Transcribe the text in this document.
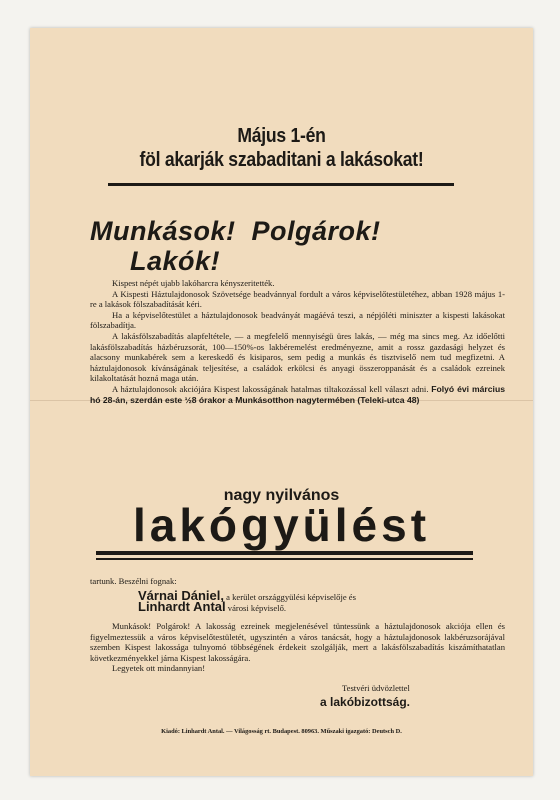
Május 1-én
föl akarják szabaditani a lakásokat!
Munkások!  Polgárok!
Lakók!

Kispest népét ujabb lakóharcra kényszeritették.

A Kispesti Háztulajdonosok Szövetsége beadvánnyal fordult a város képviselőtestületéhez, abban 1928 május 1-re a lakások fölszabadítását kéri.

Ha a képviselőtestület a háztulajdonosok beadványát magáévá teszi, a népjóléti miniszter a kispesti lakásokat fölszabadítja.

A lakásfölszabadítás alapfeltétele, — a megfelelő mennyiségü üres lakás, — még ma sincs meg. Az időelőtti lakásfölszabadítás házbéruzsorát, 100—150%-os lakbéremelést eredményezne, amit a rossz gazdasági helyzet és alacsony munkabérek sem a kereskedő és kisiparos, sem pedig a munkás és tisztviselő nem tud megfizetni. A háztulajdonosok kívánságának teljesítése, a családok erkölcsi és anyagi összeroppanását és a családok ezreinek kilakoltatását hozná maga után.

A háztulajdonosok akciójára Kispest lakosságának hatalmas tiltakozással kell választ adni. Folyó évi március hó 28-án, szerdán este ½8 órakor a Munkásotthon nagytermében (Teleki-utca 48)

nagy nyilvános
lakógyülést
tartunk. Beszélni fognak:
Várnai Dániel, a kerület országgyülési képviselője és
Linhardt Antal városi képviselő.

Munkások! Polgárok! A lakosság ezreinek megjelenésével tüntessünk a háztulajdonosok akciója ellen és figyelmeztessük a város képviselőtestületét, ugyszintén a város tanácsát, hogy a háztulajdonosok lakbéruzsorájával szemben Kispest lakossága tulnyomó többségének érdekeit szolgálják, mert a lakásfölszabadítás kiszámíthatatlan következményekkel járna Kispest lakosságára.

Legyetek ott mindannyian!

Testvéri üdvözlettel
a lakóbizottság.
Kiadó: Linhardt Antal. — Világosság rt. Budapest. 80963. Műszaki igazgató: Deutsch D.
